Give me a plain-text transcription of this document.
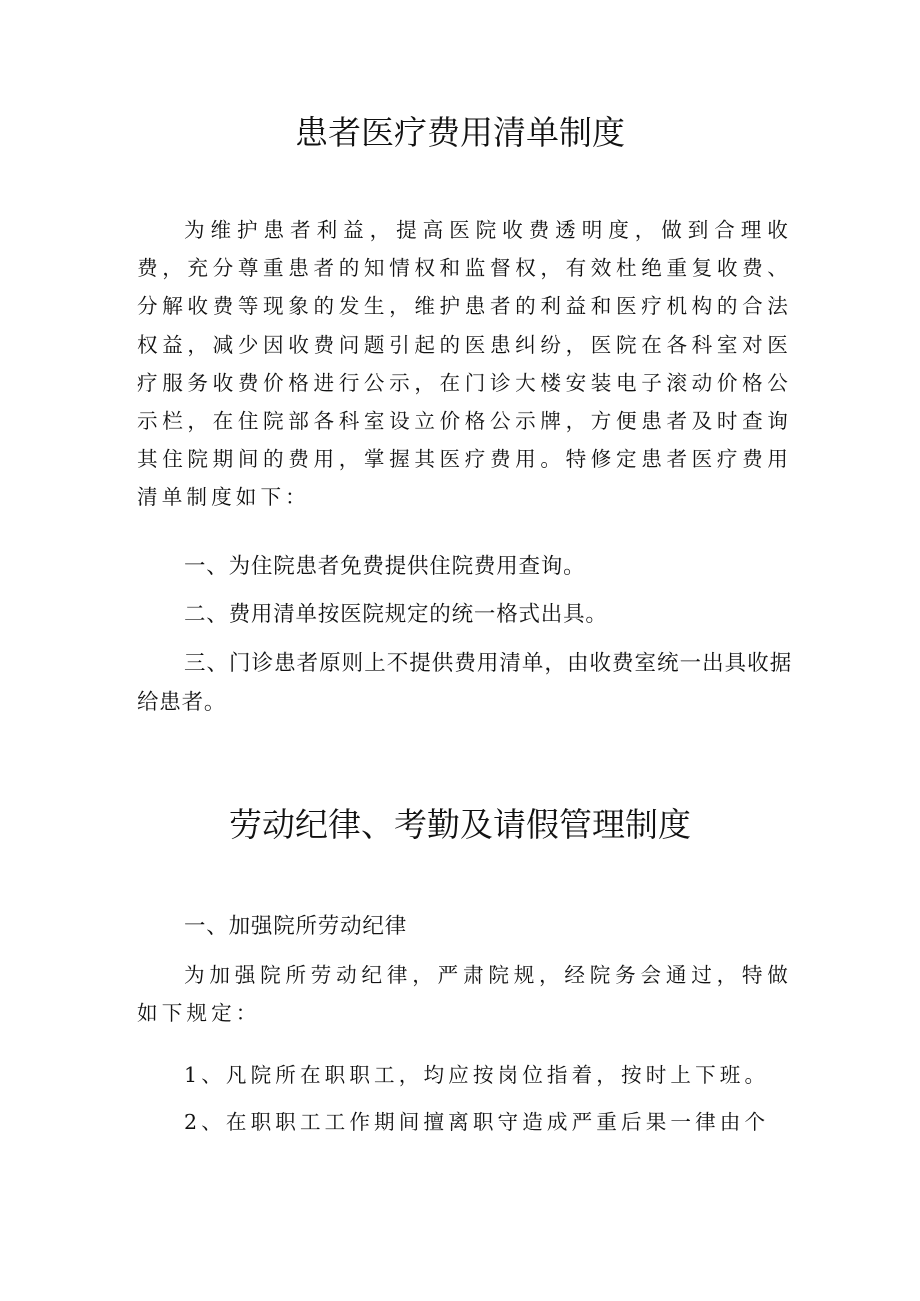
患者医疗费用清单制度

为维护患者利益，提高医院收费透明度，做到合理收费，充分尊重患者的知情权和监督权，有效杜绝重复收费、分解收费等现象的发生，维护患者的利益和医疗机构的合法权益，减少因收费问题引起的医患纠纷，医院在各科室对医疗服务收费价格进行公示，在门诊大楼安装电子滚动价格公示栏，在住院部各科室设立价格公示牌，方便患者及时查询其住院期间的费用，掌握其医疗费用。特修定患者医疗费用清单制度如下：

一、为住院患者免费提供住院费用查询。

二、费用清单按医院规定的统一格式出具。

三、门诊患者原则上不提供费用清单，由收费室统一出具收据给患者。

劳动纪律、考勤及请假管理制度

一、加强院所劳动纪律

为加强院所劳动纪律，严肃院规，经院务会通过，特做如下规定：

1、凡院所在职职工，均应按岗位指着，按时上下班。

2、在职职工工作期间擅离职守造成严重后果一律由个
